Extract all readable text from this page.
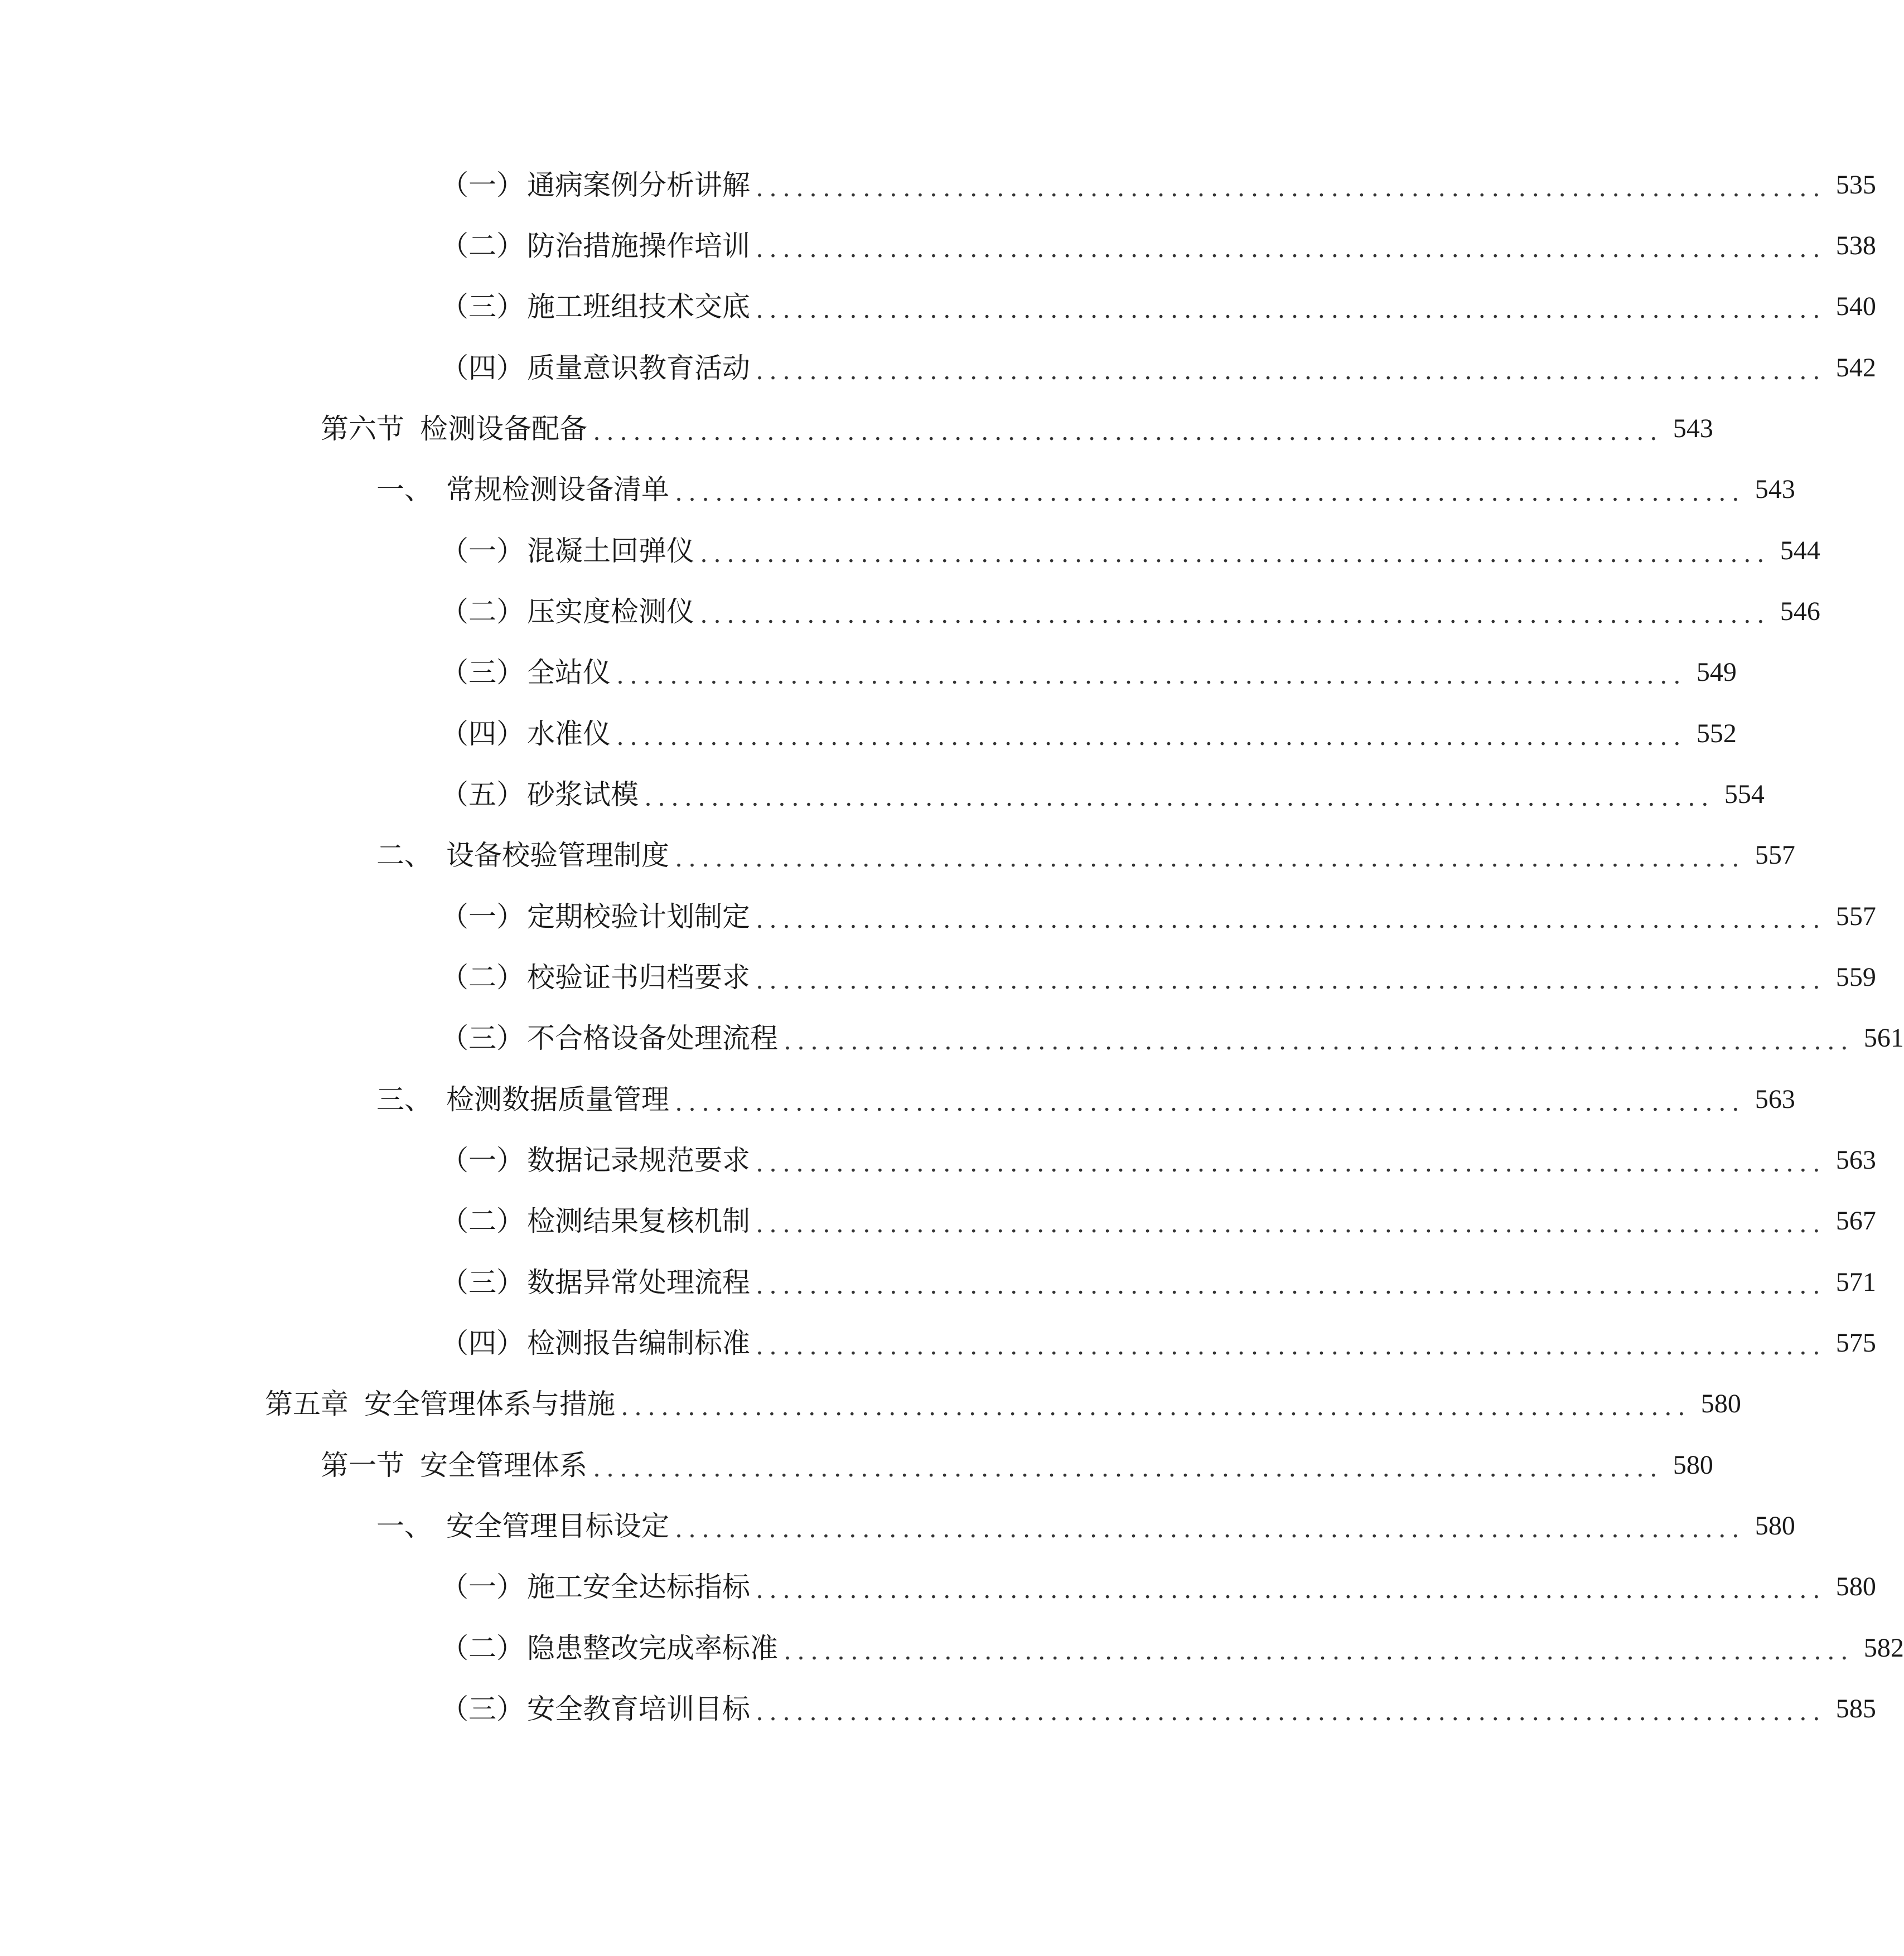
（一） 通病案例分析讲解 ................................................................................ 535
（二） 防治措施操作培训 ................................................................................ 538
（三） 施工班组技术交底 ................................................................................ 540
（四） 质量意识教育活动 ................................................................................ 542
第六节 检测设备配备 ................................................................................ 543
一、 常规检测设备清单 ................................................................................ 543
（一） 混凝土回弹仪 ................................................................................ 544
（二） 压实度检测仪 ................................................................................ 546
（三） 全站仪 ................................................................................ 549
（四） 水准仪 ................................................................................ 552
（五） 砂浆试模 ................................................................................ 554
二、 设备校验管理制度 ................................................................................ 557
（一） 定期校验计划制定 ................................................................................ 557
（二） 校验证书归档要求 ................................................................................ 559
（三） 不合格设备处理流程 ................................................................................ 561
三、 检测数据质量管理 ................................................................................ 563
（一） 数据记录规范要求 ................................................................................ 563
（二） 检测结果复核机制 ................................................................................ 567
（三） 数据异常处理流程 ................................................................................ 571
（四） 检测报告编制标准 ................................................................................ 575
第五章 安全管理体系与措施 ................................................................................ 580
第一节 安全管理体系 ................................................................................ 580
一、 安全管理目标设定 ................................................................................ 580
（一） 施工安全达标指标 ................................................................................ 580
（二） 隐患整改完成率标准 ................................................................................ 582
（三） 安全教育培训目标 ................................................................................ 585
